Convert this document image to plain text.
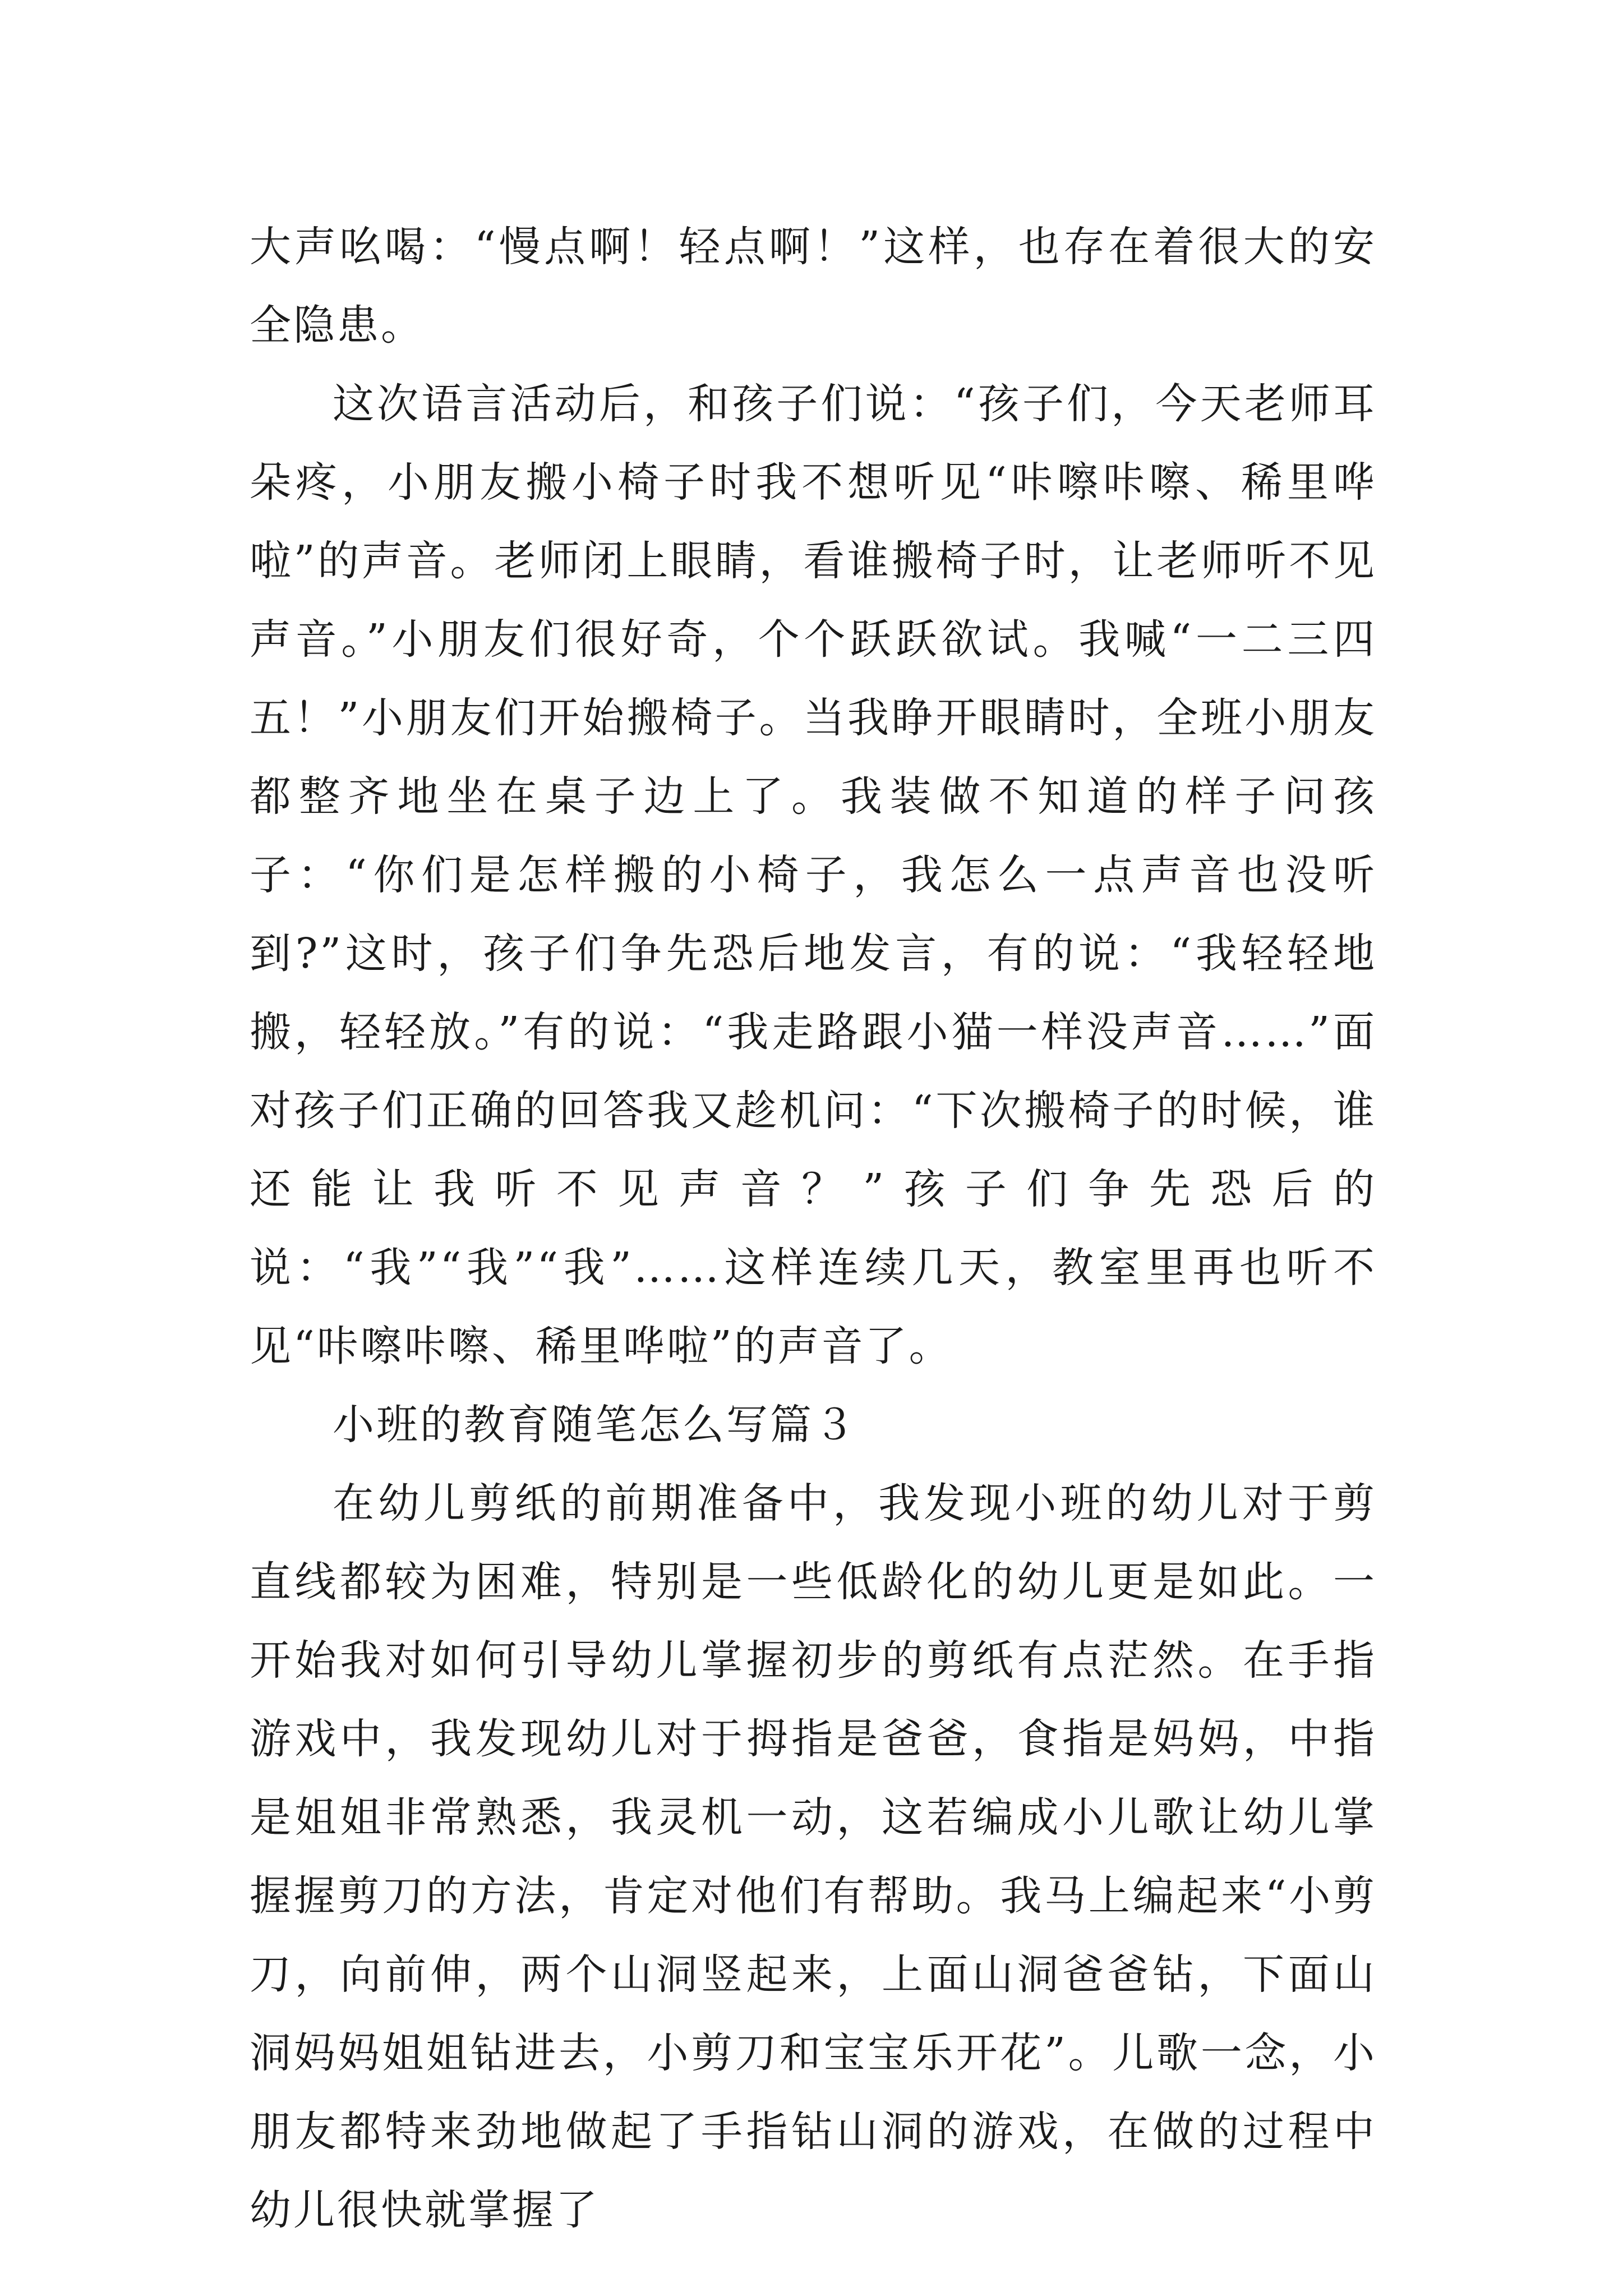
大声吆喝：“慢点啊！轻点啊！”这样，也存在着很大的安全隐患。

这次语言活动后，和孩子们说：“孩子们，今天老师耳朵疼，小朋友搬小椅子时我不想听见“咔嚓咔嚓、稀里哗啦”的声音。老师闭上眼睛，看谁搬椅子时，让老师听不见声音。”小朋友们很好奇，个个跃跃欲试。我喊“一二三四五！”小朋友们开始搬椅子。当我睁开眼睛时，全班小朋友都整齐地坐在桌子边上了。我装做不知道的样子问孩子：“你们是怎样搬的小椅子，我怎么一点声音也没听到?”这时，孩子们争先恐后地发言，有的说：“我轻轻地搬，轻轻放。”有的说：“我走路跟小猫一样没声音……”面对孩子们正确的回答我又趁机问：“下次搬椅子的时候，谁还能让我听不见声音？”孩子们争先恐后的说：“我”“我”“我”……这样连续几天，教室里再也听不见“咔嚓咔嚓、稀里哗啦”的声音了。

小班的教育随笔怎么写篇３

在幼儿剪纸的前期准备中，我发现小班的幼儿对于剪直线都较为困难，特别是一些低龄化的幼儿更是如此。一开始我对如何引导幼儿掌握初步的剪纸有点茫然。在手指游戏中，我发现幼儿对于拇指是爸爸，食指是妈妈，中指是姐姐非常熟悉，我灵机一动，这若编成小儿歌让幼儿掌握握剪刀的方法，肯定对他们有帮助。我马上编起来“小剪刀，向前伸，两个山洞竖起来，上面山洞爸爸钻，下面山洞妈妈姐姐钻进去，小剪刀和宝宝乐开花”。儿歌一念，小朋友都特来劲地做起了手指钻山洞的游戏，在做的过程中幼儿很快就掌握了
